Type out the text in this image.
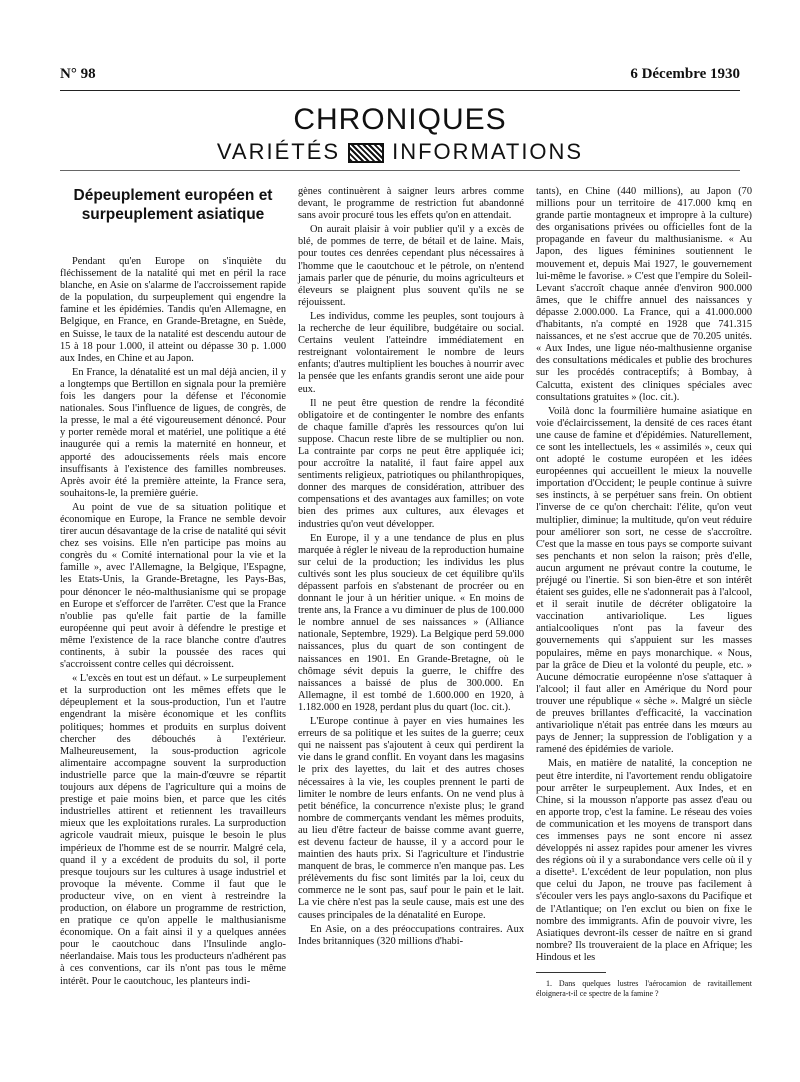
N° 98	6 Décembre 1930
CHRONIQUES
VARIÉTÉS INFORMATIONS
Dépeuplement européen et surpeuplement asiatique

Pendant qu'en Europe on s'inquiète du fléchissement de la natalité qui met en péril la race blanche, en Asie on s'alarme de l'accroissement rapide de la population, du surpeuplement qui engendre la famine et les épidémies. Tandis qu'en Allemagne, en Belgique, en France, en Grande-Bretagne, en Suède, en Suisse, le taux de la natalité est descendu autour de 15 à 18 pour 1.000, il atteint ou dépasse 30 p. 1.000 aux Indes, en Chine et au Japon.

En France, la dénatalité est un mal déjà ancien, il y a longtemps que Bertillon en signala pour la première fois les dangers pour la défense et l'économie nationales. Sous l'influence de ligues, de congrès, de la presse, le mal a été vigoureusement dénoncé. Pour y porter remède moral et matériel, une politique a été inaugurée qui a remis la maternité en honneur, et apporté des adoucissements réels mais encore insuffisants à l'existence des familles nombreuses. Après avoir été la première atteinte, la France sera, souhaitons-le, la première guérie.

Au point de vue de sa situation politique et économique en Europe, la France ne semble devoir tirer aucun désavantage de la crise de natalité qui sévit chez ses voisins. Elle n'en participe pas moins au congrès du « Comité international pour la vie et la famille », avec l'Allemagne, la Belgique, l'Espagne, les Etats-Unis, la Grande-Bretagne, les Pays-Bas, pour dénoncer le néo-malthusianisme qui se propage en Europe et s'efforcer de l'arrêter. C'est que la France n'oublie pas qu'elle fait partie de la famille européenne qui peut avoir à défendre le prestige et même l'existence de la race blanche contre d'autres continents, à subir la poussée des races qui s'accroissent contre celles qui décroissent.

« L'excès en tout est un défaut. » Le surpeuplement et la surproduction ont les mêmes effets que le dépeuplement et la sous-production, l'un et l'autre engendrant la misère économique et les conflits politiques; hommes et produits en surplus doivent chercher des débouchés à l'extérieur. Malheureusement, la sous-production agricole alimentaire accompagne souvent la surproduction industrielle parce que la main-d'œuvre se répartit toujours aux dépens de l'agriculture qui a moins de prestige et paie moins bien, et parce que les cités industrielles attirent et retiennent les travailleurs mieux que les exploitations rurales. La surproduction agricole vaudrait mieux, puisque le besoin le plus impérieux de l'homme est de se nourrir. Malgré cela, quand il y a excédent de produits du sol, il porte presque toujours sur les cultures à usage industriel et provoque la mévente. Comme il faut que le producteur vive, on en vient à restreindre la production, on élabore un programme de restriction, en pratique ce qu'on appelle le malthusianisme économique. On a fait ainsi il y a quelques années pour le caoutchouc dans l'Insulinde anglo-néerlandaise. Mais tous les producteurs n'adhérent pas à ces conventions, car ils n'ont pas tous le même intérêt. Pour le caoutchouc, les planteurs indi-

gènes continuèrent à saigner leurs arbres comme devant, le programme de restriction fut abandonné sans avoir procuré tous les effets qu'on en attendait.

On aurait plaisir à voir publier qu'il y a excès de blé, de pommes de terre, de bétail et de laine. Mais, pour toutes ces denrées cependant plus nécessaires à l'homme que le caoutchouc et le pétrole, on n'entend jamais parler que de pénurie, du moins agriculteurs et éleveurs se plaignent plus souvent qu'ils ne se réjouissent.

Les individus, comme les peuples, sont toujours à la recherche de leur équilibre, budgétaire ou social. Certains veulent l'atteindre immédiatement en restreignant volontairement le nombre de leurs enfants; d'autres multiplient les bouches à nourrir avec la pensée que les enfants grandis seront une aide pour eux.

Il ne peut être question de rendre la fécondité obligatoire et de contingenter le nombre des enfants de chaque famille d'après les ressources qu'on lui suppose. Chacun reste libre de se multiplier ou non. La contrainte par corps ne peut être appliquée ici; pour accroître la natalité, il faut faire appel aux sentiments religieux, patriotiques ou philanthropiques, donner des marques de considération, attribuer des compensations et des avantages aux familles; on vote bien des primes aux cultures, aux élevages et industries qu'on veut développer.

En Europe, il y a une tendance de plus en plus marquée à régler le niveau de la reproduction humaine sur celui de la production; les individus les plus cultivés sont les plus soucieux de cet équilibre qu'ils dépassent parfois en s'abstenant de procréer ou en donnant le jour à un héritier unique. « En moins de trente ans, la France a vu diminuer de plus de 100.000 le nombre annuel de ses naissances » (Alliance nationale, Septembre, 1929). La Belgique perd 59.000 naissances, plus du quart de son contingent de naissances en 1901. En Grande-Bretagne, où le chômage sévit depuis la guerre, le chiffre des naissances a baissé de plus de 300.000. En Allemagne, il est tombé de 1.600.000 en 1920, à 1.182.000 en 1928, perdant plus du quart (loc. cit.).

L'Europe continue à payer en vies humaines les erreurs de sa politique et les suites de la guerre; ceux qui ne naissent pas s'ajoutent à ceux qui perdirent la vie dans le grand conflit. En voyant dans les magasins le prix des layettes, du lait et des autres choses nécessaires à la vie, les couples prennent le parti de limiter le nombre de leurs enfants. On ne vend plus à petit bénéfice, la concurrence n'existe plus; le grand nombre de commerçants vendant les mêmes produits, au lieu d'être facteur de baisse comme avant guerre, est devenu facteur de hausse, il y a accord pour le maintien des hauts prix. Si l'agriculture et l'industrie manquent de bras, le commerce n'en manque pas. Les prélèvements du fisc sont limités par la loi, ceux du commerce ne le sont pas, sauf pour le pain et le lait. La vie chère n'est pas la seule cause, mais est une des causes principales de la dénatalité en Europe.

En Asie, on a des préoccupations contraires. Aux Indes britanniques (320 millions d'habi-

tants), en Chine (440 millions), au Japon (70 millions pour un territoire de 417.000 kmq en grande partie montagneux et impropre à la culture) des organisations privées ou officielles font de la propagande en faveur du malthusianisme. « Au Japon, des ligues féminines soutiennent le mouvement et, depuis Mai 1927, le gouvernement lui-même le favorise. » C'est que l'empire du Soleil-Levant s'accroît chaque année d'environ 900.000 âmes, que le chiffre annuel des naissances y dépasse 2.000.000. La France, qui a 41.000.000 d'habitants, n'a compté en 1928 que 741.315 naissances, et ne s'est accrue que de 70.205 unités. « Aux Indes, une ligue néo-malthusienne organise des consultations médicales et publie des brochures sur les procédés contraceptifs; à Bombay, à Calcutta, existent des cliniques spéciales avec consultations gratuites » (loc. cit.).

Voilà donc la fourmilière humaine asiatique en voie d'éclaircissement, la densité de ces races étant une cause de famine et d'épidémies. Naturellement, ce sont les intellectuels, les « assimilés », ceux qui ont adopté le costume européen et les idées européennes qui accueillent le mieux la nouvelle importation d'Occident; le peuple continue à suivre ses instincts, à se perpétuer sans frein. On obtient l'inverse de ce qu'on cherchait: l'élite, qu'on veut multiplier, diminue; la multitude, qu'on veut réduire pour améliorer son sort, ne cesse de s'accroître. C'est que la masse en tous pays se comporte suivant ses penchants et non selon la raison; près d'elle, aucun argument ne prévaut contre la coutume, le préjugé ou l'inertie. Si son bien-être et son intérêt étaient ses guides, elle ne s'adonnerait pas à l'alcool, et il serait inutile de décréter obligatoire la vaccination antivariolique. Les ligues antialcooliques n'ont pas la faveur des gouvernements qui s'appuient sur les masses populaires, même en pays monarchique. « Nous, par la grâce de Dieu et la volonté du peuple, etc. » Aucune démocratie européenne n'ose s'attaquer à l'alcool; il faut aller en Amérique du Nord pour trouver une république « sèche ». Malgré un siècle de preuves brillantes d'efficacité, la vaccination antivariolique n'était pas entrée dans les mœurs au pays de Jenner; la suppression de l'obligation y a ramené des épidémies de variole.

Mais, en matière de natalité, la conception ne peut être interdite, ni l'avortement rendu obligatoire pour arrêter le surpeuplement. Aux Indes, et en Chine, si la mousson n'apporte pas assez d'eau ou en apporte trop, c'est la famine. Le réseau des voies de communication et les moyens de transport dans ces immenses pays ne sont encore ni assez développés ni assez rapides pour amener les vivres des régions où il y a surabondance vers celle où il y a disette¹. L'excédent de leur population, non plus que celui du Japon, ne trouve pas facilement à s'écouler vers les pays anglo-saxons du Pacifique et de l'Atlantique; on l'en exclut ou bien on fixe le nombre des immigrants. Afin de pouvoir vivre, les Asiatiques devront-ils cesser de naître en si grand nombre? Ils trouveraient de la place en Afrique; les Hindous et les

1. Dans quelques lustres l'aérocamion de ravitaillement éloignera-t-il ce spectre de la famine ?
